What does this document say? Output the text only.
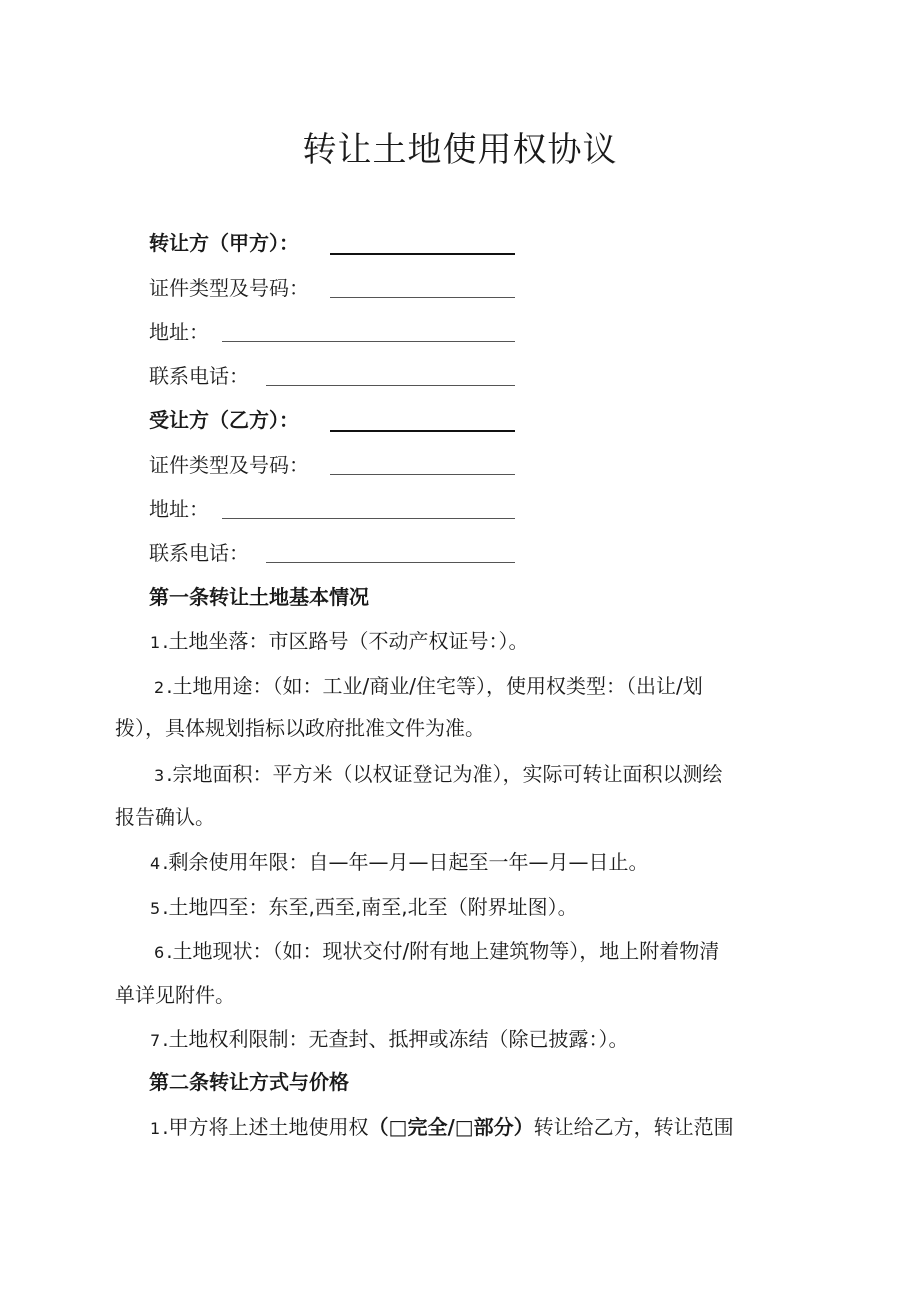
转让土地使用权协议
转让方（甲方）：
证件类型及号码：
地址：
联系电话：
受让方（乙方）：
证件类型及号码：
地址：
联系电话：
第一条转让土地基本情况
1 .土地坐落：市区路号（不动产权证号：）。
2 .土地用途：（如：工业/商业/住宅等），使用权类型：（出让/划
拨），具体规划指标以政府批准文件为准。
3 .宗地面积：平方米（以权证登记为准），实际可转让面积以测绘
报告确认。
4 .剩余使用年限：自—年—月—日起至一年—月—日止。
5 .土地四至：东至,西至,南至,北至（附界址图）。
6 .土地现状：（如：现状交付/附有地上建筑物等），地上附着物清
单详见附件。
7 .土地权利限制：无查封、抵押或冻结（除已披露：）。
第二条转让方式与价格
1 .甲方将上述土地使用权（□完全/□部分）转让给乙方，转让范围
